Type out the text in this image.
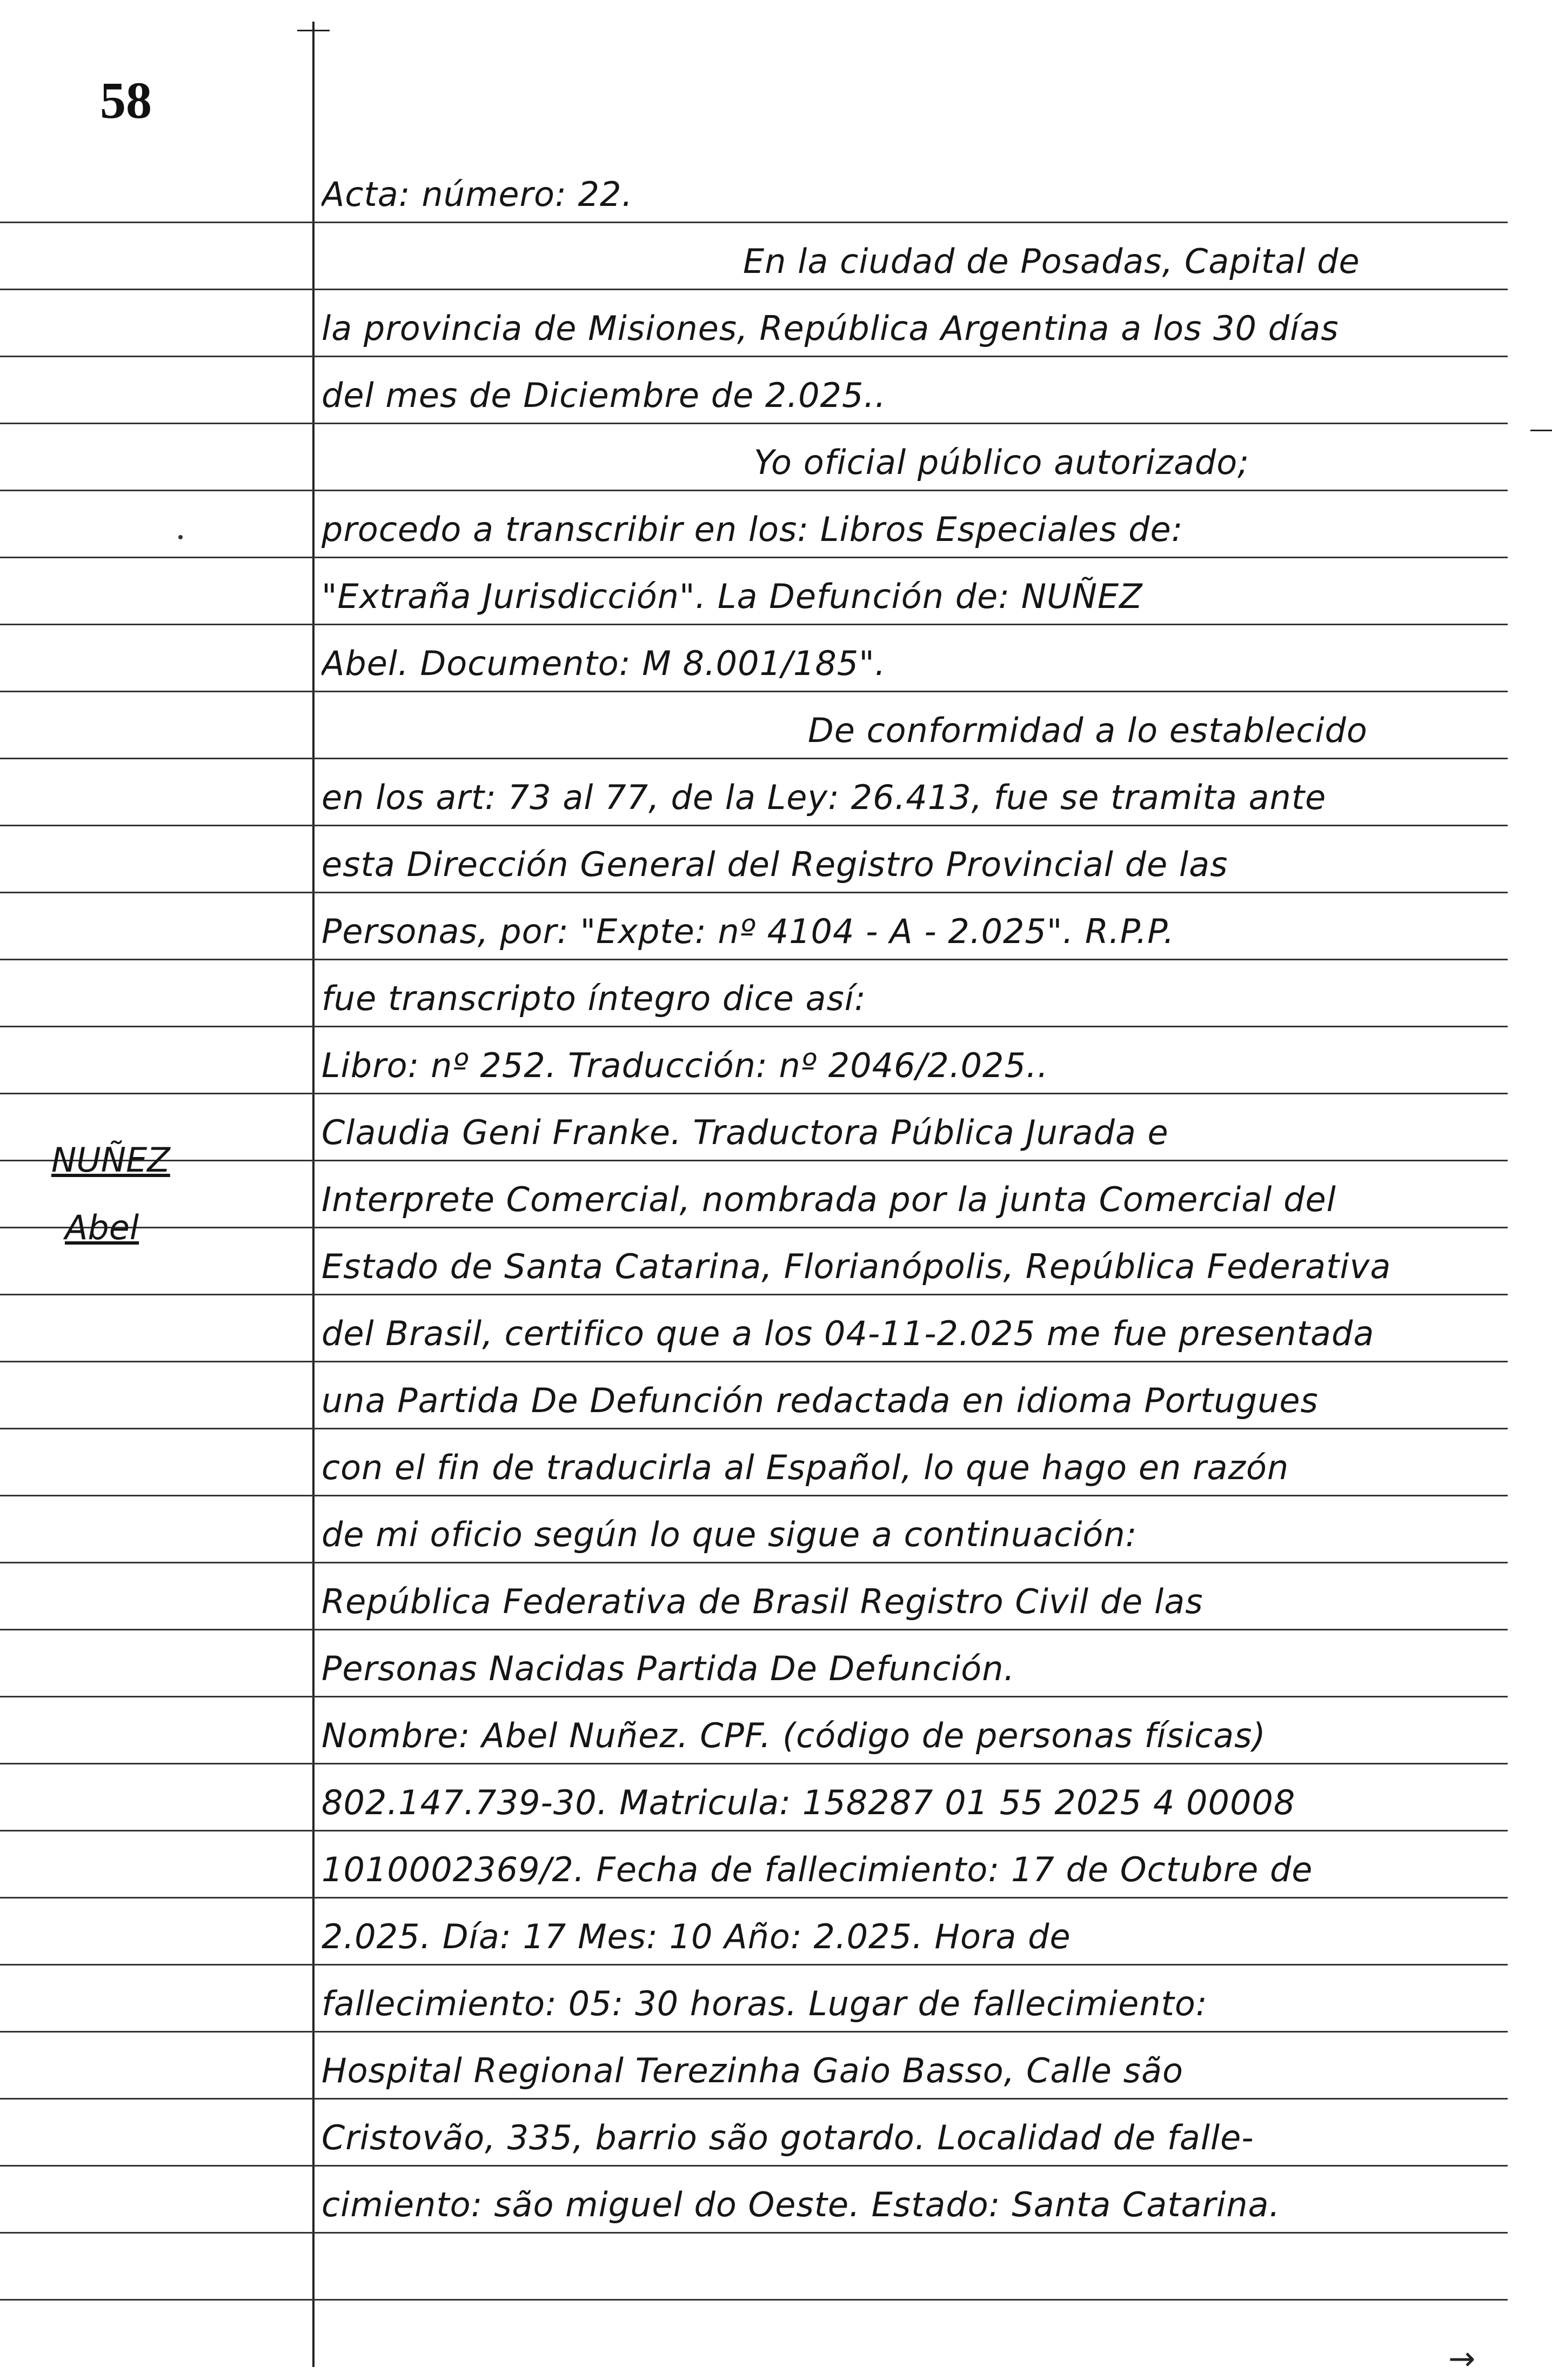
58
Acta: número: 22.
En la ciudad de Posadas, Capital de
la provincia de Misiones, República Argentina a los 30 días
del mes de Diciembre de 2.025..
Yo oficial público autorizado;
procedo a transcribir en los: Libros Especiales de:
"Extraña Jurisdicción". La Defunción de: NUÑEZ
Abel. Documento: M 8.001/185".
De conformidad a lo establecido
en los art: 73 al 77, de la Ley: 26.413, fue se tramita ante
esta Dirección General del Registro Provincial de las
Personas, por: "Expte: nº 4104 - A - 2.025". R.P.P.
fue transcripto íntegro dice así:
Libro: nº 252. Traducción: nº 2046/2.025..
Claudia Geni Franke. Traductora Pública Jurada e
Interprete Comercial, nombrada por la junta Comercial del
Estado de Santa Catarina, Florianópolis, República Federativa
del Brasil, certifico que a los 04-11-2.025 me fue presentada
una Partida De Defunción redactada en idioma Portugues
con el fin de traducirla al Español, lo que hago en razón
de mi oficio según lo que sigue a continuación:
República Federativa de Brasil Registro Civil de las
Personas Nacidas Partida De Defunción.
Nombre: Abel Nuñez. CPF. (código de personas físicas)
802.147.739-30. Matricula: 158287 01 55 2025 4 00008
1010002369/2. Fecha de fallecimiento: 17 de Octubre de
2.025. Día: 17 Mes: 10 Año: 2.025. Hora de
fallecimiento: 05: 30 horas. Lugar de fallecimiento:
Hospital Regional Terezinha Gaio Basso, Calle são
Cristovão, 335, barrio são gotardo. Localidad de falle-
cimiento: são miguel do Oeste. Estado: Santa Catarina.
NUÑEZ
Abel
→
